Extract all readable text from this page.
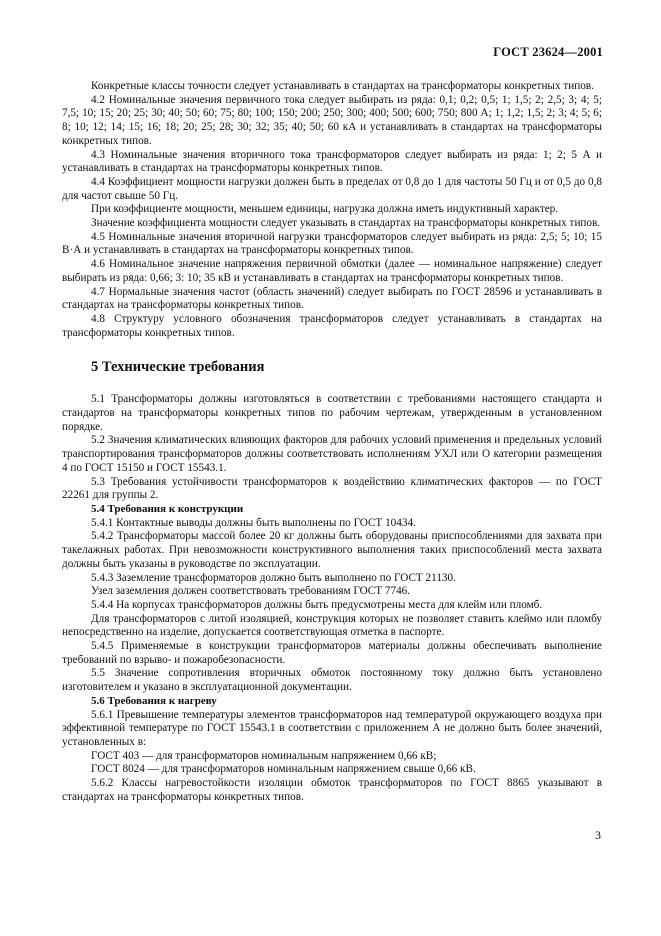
ГОСТ 23624—2001

Конкретные классы точности следует устанавливать в стандартах на трансформаторы конкретных типов.

4.2 Номинальные значения первичного тока следует выбирать из ряда: 0,1; 0,2; 0,5; 1; 1,5; 2; 2,5; 3; 4; 5; 7,5; 10; 15; 20; 25; 30; 40; 50; 60; 75; 80; 100; 150; 200; 250; 300; 400; 500; 600; 750; 800 А; 1; 1,2; 1,5; 2; 3; 4; 5; 6; 8; 10; 12; 14; 15; 16; 18; 20; 25; 28; 30; 32; 35; 40; 50; 60 кА и устанавливать в стандартах на трансформаторы конкретных типов.

4.3 Номинальные значения вторичного тока трансформаторов следует выбирать из ряда: 1; 2; 5 А и устанавливать в стандартах на трансформаторы конкретных типов.

4.4 Коэффициент мощности нагрузки должен быть в пределах от 0,8 до 1 для частоты 50 Гц и от 0,5 до 0,8 для частот свыше 50 Гц.

При коэффициенте мощности, меньшем единицы, нагрузка должна иметь индуктивный характер.

Значение коэффициента мощности следует указывать в стандартах на трансформаторы конкретных типов.

4.5 Номинальные значения вторичной нагрузки трансформаторов следует выбирать из ряда: 2,5; 5; 10; 15 В·А и устанавливать в стандартах на трансформаторы конкретных типов.

4.6 Номинальное значение напряжения первичной обмотки (далее — номинальное напряжение) следует выбирать из ряда: 0,66; 3: 10; 35 кВ и устанавливать в стандартах на трансформаторы конкретных типов.

4.7 Нормальные значения частот (область значений) следует выбирать по ГОСТ 28596 и устанавливать в стандартах на трансформаторы конкретных типов.

4.8 Структуру условного обозначения трансформаторов следует устанавливать в стандартах на трансформаторы конкретных типов.

5 Технические требования

5.1 Трансформаторы должны изготовляться в соответствии с требованиями настоящего стандарта и стандартов на трансформаторы конкретных типов по рабочим чертежам, утвержденным в установленном порядке.

5.2 Значения климатических влияющих факторов для рабочих условий применения и предельных условий транспортирования трансформаторов должны соответствовать исполнениям УХЛ или О категории размещения 4 по ГОСТ 15150 и ГОСТ 15543.1.

5.3 Требования устойчивости трансформаторов к воздействию климатических факторов — по ГОСТ 22261 для группы 2.

5.4 Требования к конструкции

5.4.1 Контактные выводы должны быть выполнены по ГОСТ 10434.

5.4.2 Трансформаторы массой более 20 кг должны быть оборудованы приспособлениями для захвата при такелажных работах. При невозможности конструктивного выполнения таких приспособлений места захвата должны быть указаны в руководстве по эксплуатации.

5.4.3 Заземление трансформаторов должно быть выполнено по ГОСТ 21130.

Узел заземления должен соответствовать требованиям ГОСТ 7746.

5.4.4 На корпусах трансформаторов должны быть предусмотрены места для клейм или пломб.

Для трансформаторов с литой изоляцией, конструкция которых не позволяет ставить клеймо или пломбу непосредственно на изделие, допускается соответствующая отметка в паспорте.

5.4.5 Применяемые в конструкции трансформаторов материалы должны обеспечивать выполнение требований по взрыво- и пожаробезопасности.

5.5 Значение сопротивления вторичных обмоток постоянному току должно быть установлено изготовителем и указано в эксплуатационной документации.

5.6 Требования к нагреву

5.6.1 Превышение температуры элементов трансформаторов над температурой окружающего воздуха при эффективной температуре по ГОСТ 15543.1 в соответствии с приложением А не должно быть более значений, установленных в:

ГОСТ 403 — для трансформаторов номинальным напряжением 0,66 кВ;

ГОСТ 8024 — для трансформаторов номинальным напряжением свыше 0,66 кВ.

5.6.2 Классы нагревостойкости изоляции обмоток трансформаторов по ГОСТ 8865 указывают в стандартах на трансформаторы конкретных типов.

3
